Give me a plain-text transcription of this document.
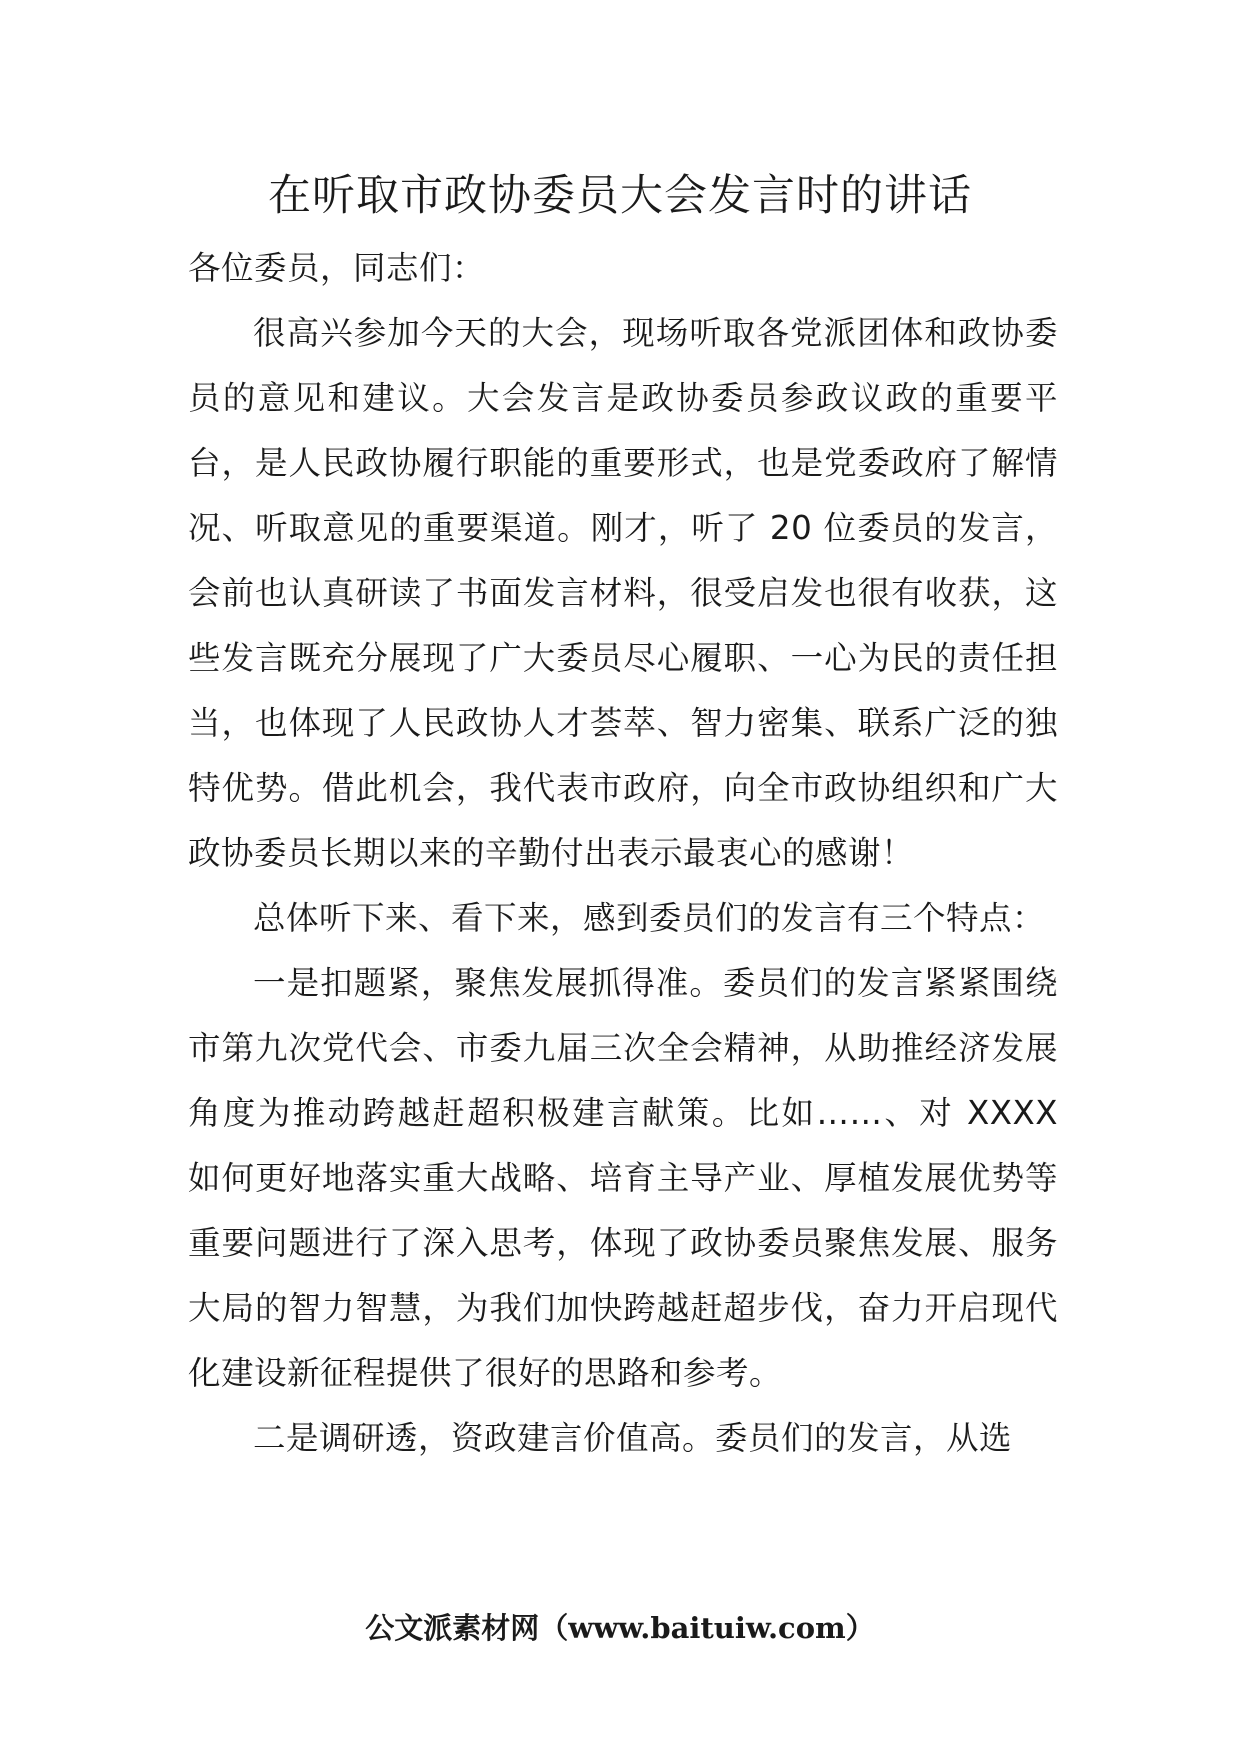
在听取市政协委员大会发言时的讲话

各位委员，同志们：

很高兴参加今天的大会，现场听取各党派团体和政协委员的意见和建议。大会发言是政协委员参政议政的重要平台，是人民政协履行职能的重要形式，也是党委政府了解情况、听取意见的重要渠道。刚才，听了 20 位委员的发言，会前也认真研读了书面发言材料，很受启发也很有收获，这些发言既充分展现了广大委员尽心履职、一心为民的责任担当，也体现了人民政协人才荟萃、智力密集、联系广泛的独特优势。借此机会，我代表市政府，向全市政协组织和广大政协委员长期以来的辛勤付出表示最衷心的感谢！

总体听下来、看下来，感到委员们的发言有三个特点：

一是扣题紧，聚焦发展抓得准。委员们的发言紧紧围绕市第九次党代会、市委九届三次全会精神，从助推经济发展角度为推动跨越赶超积极建言献策。比如……、对 XXXX 如何更好地落实重大战略、培育主导产业、厚植发展优势等重要问题进行了深入思考，体现了政协委员聚焦发展、服务大局的智力智慧，为我们加快跨越赶超步伐，奋力开启现代化建设新征程提供了很好的思路和参考。

二是调研透，资政建言价值高。委员们的发言，从选

公文派素材网（www.baituiw.com）
